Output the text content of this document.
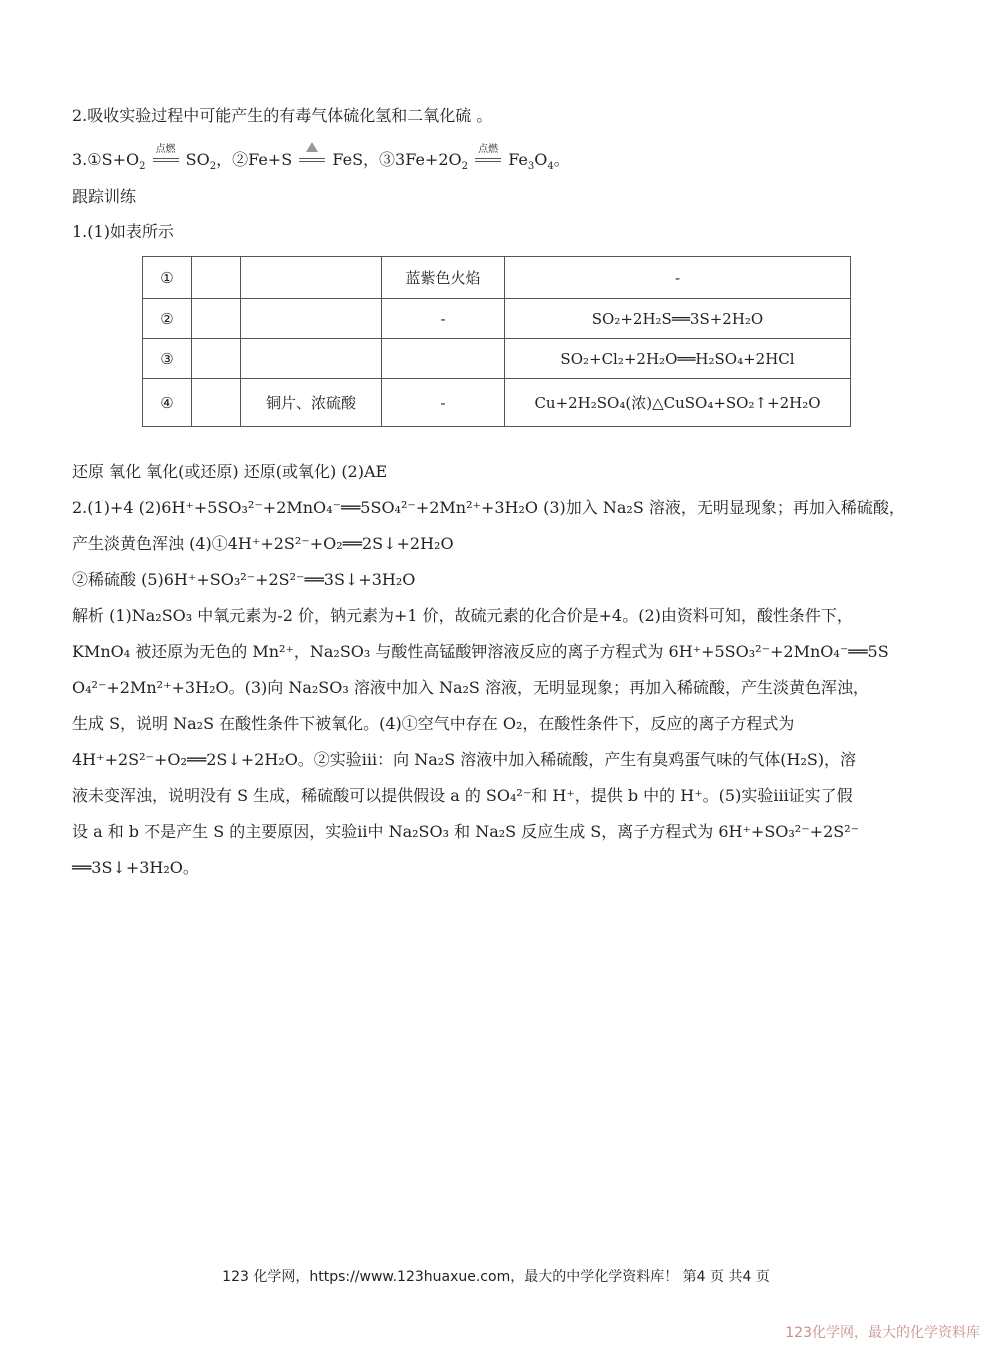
2.吸收实验过程中可能产生的有毒气体硫化氢和二氧化硫 。
$3.①S+O_2$
点燃
$SO_2$，②Fe+S	FeS，$③3Fe+2O_2$
点燃
$Fe_3O_4$。
跟踪训练
1.(1)如表所示
①			蓝紫色火焰	-
②			-	SO₂+2H₂S══3S+2H₂O
③				SO₂+Cl₂+2H₂O══H₂SO₄+2HCl
④		铜片、浓硫酸	-	Cu+2H₂SO₄(浓)△CuSO₄+SO₂↑+2H₂O
还原 氧化 氧化(或还原) 还原(或氧化) (2)AE
2.(1)+4 (2)6H⁺+5SO₃²⁻+2MnO₄⁻══5SO₄²⁻+2Mn²⁺+3H₂O (3)加入 Na₂S 溶液，无明显现象；再加入稀硫酸，
产生淡黄色浑浊 (4)①4H⁺+2S²⁻+O₂══2S↓+2H₂O
②稀硫酸 (5)6H⁺+SO₃²⁻+2S²⁻══3S↓+3H₂O
解析 (1)Na₂SO₃ 中氧元素为-2 价，钠元素为+1 价，故硫元素的化合价是+4。(2)由资料可知，酸性条件下，
KMnO₄ 被还原为无色的 Mn²⁺，Na₂SO₃ 与酸性高锰酸钾溶液反应的离子方程式为 6H⁺+5SO₃²⁻+2MnO₄⁻══5S
O₄²⁻+2Mn²⁺+3H₂O。(3)向 Na₂SO₃ 溶液中加入 Na₂S 溶液，无明显现象；再加入稀硫酸，产生淡黄色浑浊，
生成 S，说明 Na₂S 在酸性条件下被氧化。(4)①空气中存在 O₂，在酸性条件下，反应的离子方程式为
4H⁺+2S²⁻+O₂══2S↓+2H₂O。②实验ⅲ：向 Na₂S 溶液中加入稀硫酸，产生有臭鸡蛋气味的气体(H₂S)，溶
液未变浑浊，说明没有 S 生成，稀硫酸可以提供假设 a 的 SO₄²⁻和 H⁺，提供 b 中的 H⁺。(5)实验ⅲ证实了假
设 a 和 b 不是产生 S 的主要原因，实验ⅱ中 Na₂SO₃ 和 Na₂S 反应生成 S，离子方程式为 6H⁺+SO₃²⁻+2S²⁻
══3S↓+3H₂O。
123 化学网，https://www.123huaxue.com，最大的中学化学资料库！ 第4 页 共4 页
123化学网，最大的化学资料库
